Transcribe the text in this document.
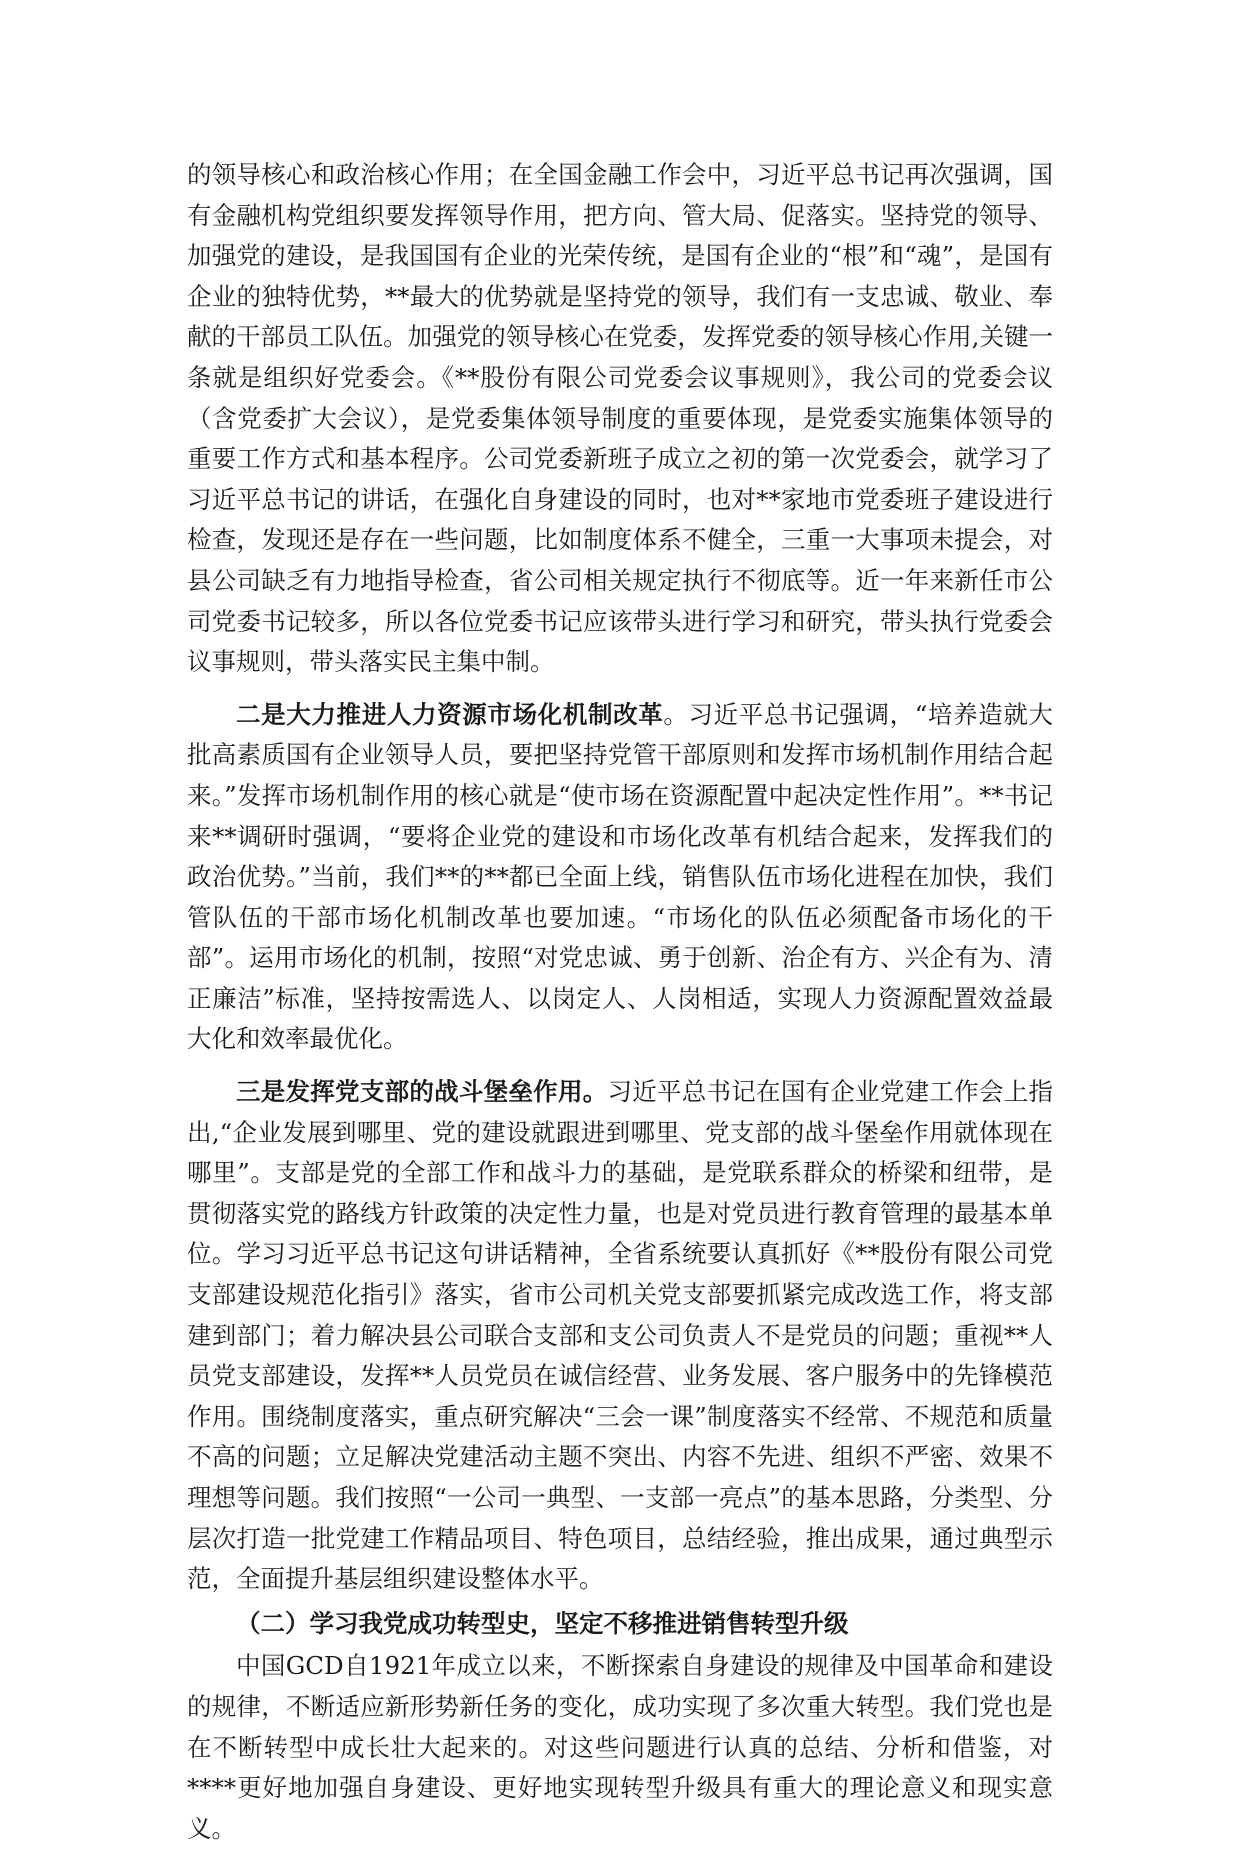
的领导核心和政治核心作用；在全国金融工作会中，习近平总书记再次强调，国有金融机构党组织要发挥领导作用，把方向、管大局、促落实。坚持党的领导、加强党的建设，是我国国有企业的光荣传统，是国有企业的“根”和“魂”，是国有企业的独特优势，**最大的优势就是坚持党的领导，我们有一支忠诚、敬业、奉献的干部员工队伍。加强党的领导核心在党委，发挥党委的领导核心作用,关键一条就是组织好党委会。《**股份有限公司党委会议事规则》，我公司的党委会议（含党委扩大会议），是党委集体领导制度的重要体现，是党委实施集体领导的重要工作方式和基本程序。公司党委新班子成立之初的第一次党委会，就学习了习近平总书记的讲话，在强化自身建设的同时，也对**家地市党委班子建设进行检查，发现还是存在一些问题，比如制度体系不健全，三重一大事项未提会，对县公司缺乏有力地指导检查，省公司相关规定执行不彻底等。近一年来新任市公司党委书记较多，所以各位党委书记应该带头进行学习和研究，带头执行党委会议事规则，带头落实民主集中制。

二是大力推进人力资源市场化机制改革。习近平总书记强调，“培养造就大批高素质国有企业领导人员，要把坚持党管干部原则和发挥市场机制作用结合起来。”发挥市场机制作用的核心就是“使市场在资源配置中起决定性作用”。**书记来**调研时强调，“要将企业党的建设和市场化改革有机结合起来，发挥我们的政治优势。”当前，我们**的**都已全面上线，销售队伍市场化进程在加快，我们管队伍的干部市场化机制改革也要加速。“市场化的队伍必须配备市场化的干部”。运用市场化的机制，按照“对党忠诚、勇于创新、治企有方、兴企有为、清正廉洁”标准，坚持按需选人、以岗定人、人岗相适，实现人力资源配置效益最大化和效率最优化。

三是发挥党支部的战斗堡垒作用。习近平总书记在国有企业党建工作会上指出,“企业发展到哪里、党的建设就跟进到哪里、党支部的战斗堡垒作用就体现在哪里”。支部是党的全部工作和战斗力的基础，是党联系群众的桥梁和纽带，是贯彻落实党的路线方针政策的决定性力量，也是对党员进行教育管理的最基本单位。学习习近平总书记这句讲话精神，全省系统要认真抓好《**股份有限公司党支部建设规范化指引》落实，省市公司机关党支部要抓紧完成改选工作，将支部建到部门；着力解决县公司联合支部和支公司负责人不是党员的问题；重视**人员党支部建设，发挥**人员党员在诚信经营、业务发展、客户服务中的先锋模范作用。围绕制度落实，重点研究解决“三会一课”制度落实不经常、不规范和质量不高的问题；立足解决党建活动主题不突出、内容不先进、组织不严密、效果不理想等问题。我们按照“一公司一典型、一支部一亮点”的基本思路，分类型、分层次打造一批党建工作精品项目、特色项目，总结经验，推出成果，通过典型示范，全面提升基层组织建设整体水平。

（二）学习我党成功转型史，坚定不移推进销售转型升级

中国GCD自1921年成立以来，不断探索自身建设的规律及中国革命和建设的规律，不断适应新形势新任务的变化，成功实现了多次重大转型。我们党也是在不断转型中成长壮大起来的。对这些问题进行认真的总结、分析和借鉴，对****更好地加强自身建设、更好地实现转型升级具有重大的理论意义和现实意义。
